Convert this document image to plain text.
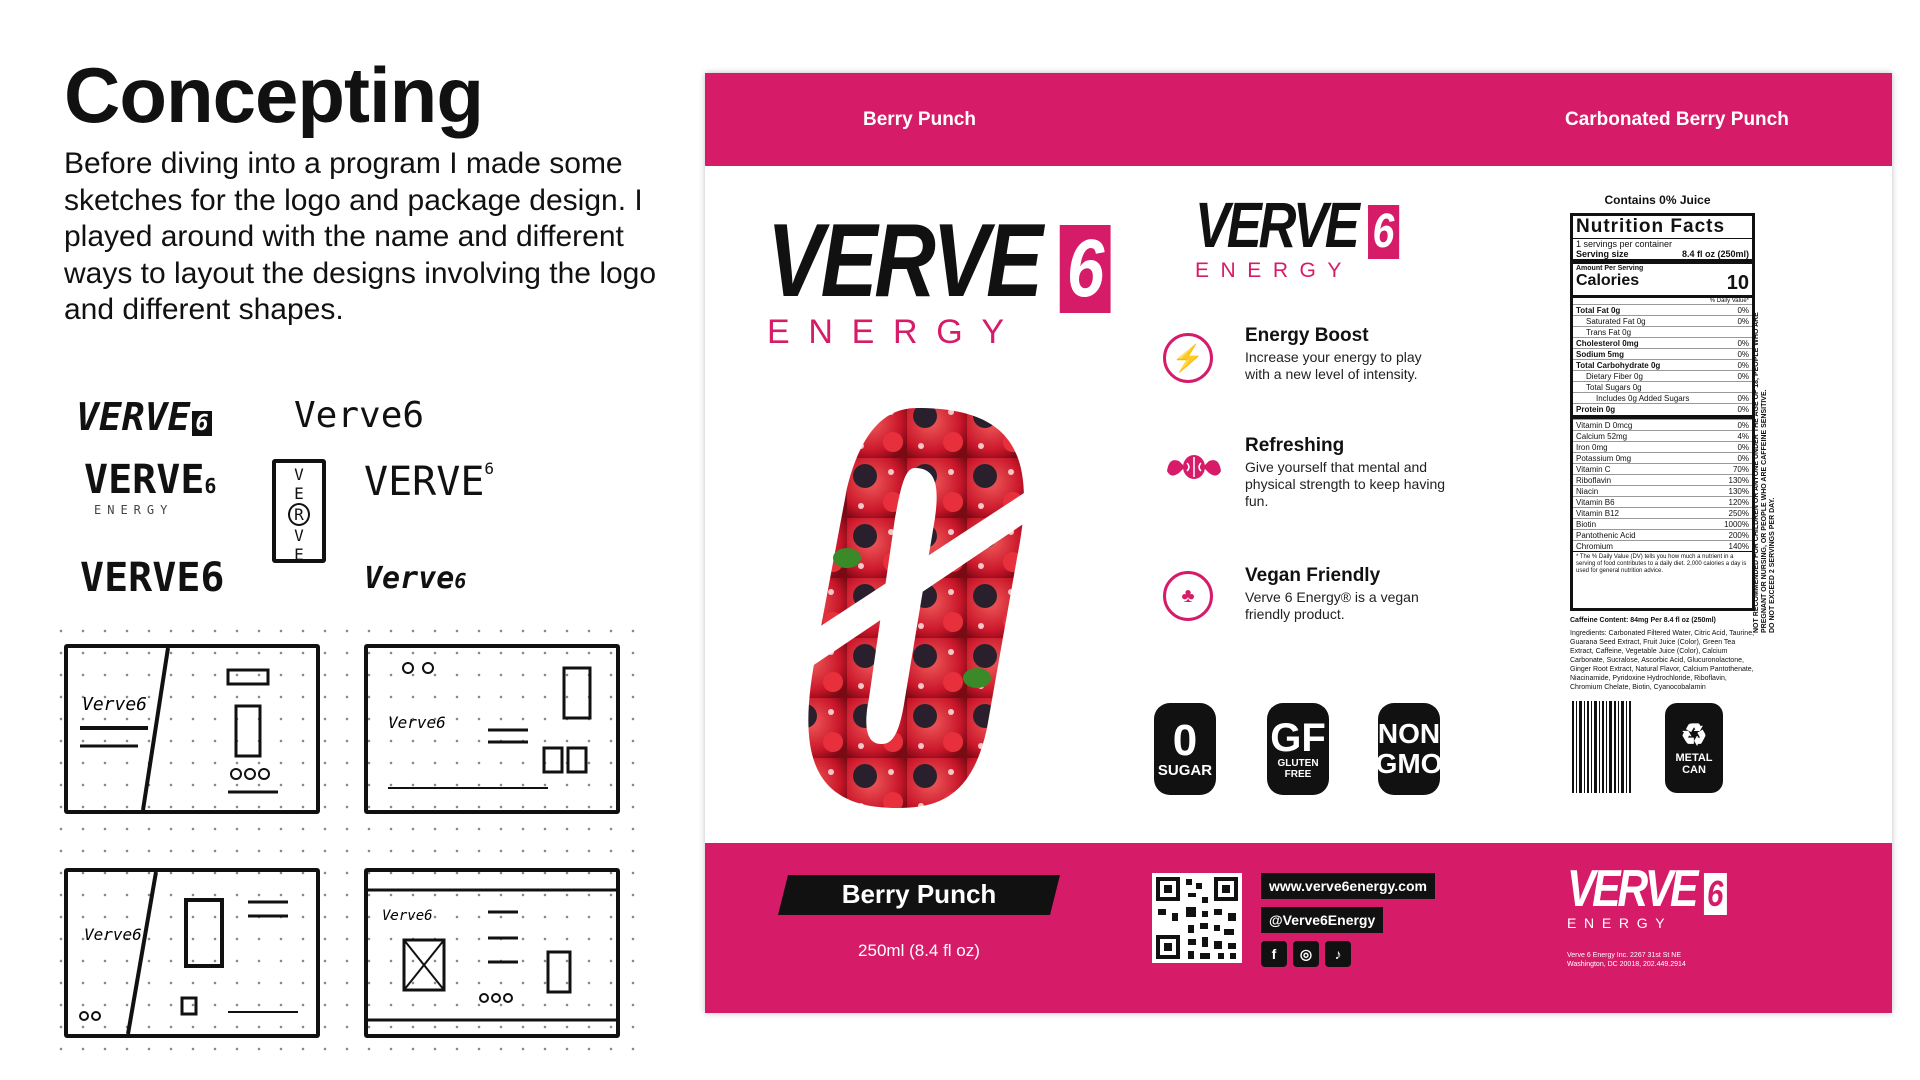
Concepting
Before diving into a program I made some sketches for the logo and package design. I played around with the name and different ways to layout the designs involving the logo and different shapes.
VERVE 6 Verve6
VERVE6
ENERGY
V
E
R
V
E
VERVE$^6$
VERVE6	Verve6
Verve6
Verve6
Verve6
Verve6
Berry Punch	Carbonated Berry Punch
VERVE 6
ENERGY
VERVE 6
ENERGY
⚡
Energy Boost
Increase your energy to play with a new level of intensity.
Refreshing
Give yourself that mental and physical strength to keep having fun.
♣
Vegan Friendly
Verve 6 Energy® is a vegan friendly product.
0
SUGAR
GF
GLUTEN FREE
NON
GMO
Contains 0% Juice
Nutrition Facts
1 servings per container
Serving size	8.4 fl oz (250ml)
Amount Per Serving
Calories	10
% Daily Value*
Total Fat 0g	0%
Saturated Fat 0g	0%
Trans Fat 0g
Cholesterol 0mg	0%
Sodium 5mg	0%
Total Carbohydrate 0g	0%
Dietary Fiber 0g	0%
Total Sugars 0g
Includes 0g Added Sugars	0%
Protein 0g	0%
Vitamin D 0mcg	0%
Calcium 52mg	4%
Iron 0mg	0%
Potassium 0mg	0%
Vitamin C	70%
Riboflavin	130%
Niacin	130%
Vitamin B6	120%
Vitamin B12	250%
Biotin	1000%
Pantothenic Acid	200%
Chromium	140%
* The % Daily Value (DV) tells you how much a nutrient in a serving of food contributes to a daily diet. 2,000 calories a day is used for general nutrition advice.	NOT RECOMMENDED FOR CHILDREN OR ANYONE UNDER THE AGE OF 18, PEOPLE WHO ARE PREGNANT OR NURSING, OR PEOPLE WHO ARE CAFFEINE SENSITIVE. DO NOT EXCEED 2 SERVINGS PER DAY.
Caffeine Content: 84mg Per 8.4 fl oz (250ml)
Ingredients: Carbonated Filtered Water, Citric Acid, Taurine, Guarana Seed Extract, Fruit Juice (Color), Green Tea Extract, Caffeine, Vegetable Juice (Color), Calcium Carbonate, Sucralose, Ascorbic Acid, Glucuronolactone, Ginger Root Extract, Natural Flavor, Calcium Pantothenate, Niacinamide, Pyridoxine Hydrochloride, Riboflavin, Chromium Chelate, Biotin, Cyanocobalamin
♻
METAL CAN
Berry Punch
250ml (8.4 fl oz)
www.verve6energy.com
@Verve6Energy
f ◎ ♪
VERVE 6
ENERGY
Verve 6 Energy Inc. 2267 31st St NE Washington, DC 20018, 202.449.2914
